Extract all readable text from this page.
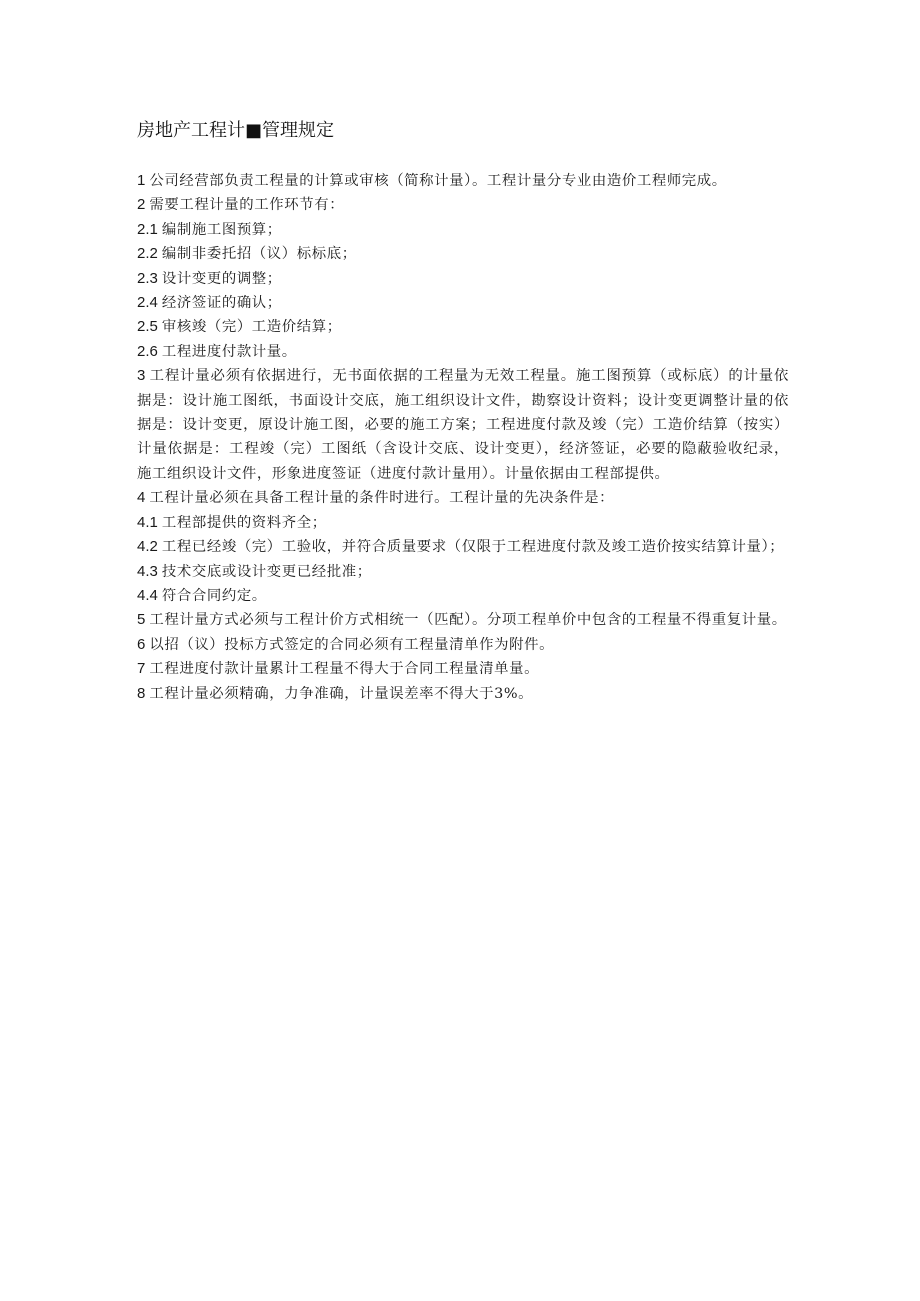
房地产工程计■管理规定

1 公司经营部负责工程量的计算或审核（简称计量）。工程计量分专业由造价工程师完成。

2 需要工程计量的工作环节有：

2.1 编制施工图预算；

2.2 编制非委托招（议）标标底；

2.3 设计变更的调整；

2.4 经济签证的确认；

2.5 审核竣（完）工造价结算；

2.6 工程进度付款计量。

3 工程计量必须有依据进行，无书面依据的工程量为无效工程量。施工图预算（或标底）的计量依据是：设计施工图纸，书面设计交底，施工组织设计文件，勘察设计资料；设计变更调整计量的依据是：设计变更，原设计施工图，必要的施工方案；工程进度付款及竣（完）工造价结算（按实）计量依据是：工程竣（完）工图纸（含设计交底、设计变更），经济签证，必要的隐蔽验收纪录，施工组织设计文件，形象进度签证（进度付款计量用）。计量依据由工程部提供。

4 工程计量必须在具备工程计量的条件时进行。工程计量的先决条件是：

4.1 工程部提供的资料齐全；

4.2 工程已经竣（完）工验收，并符合质量要求（仅限于工程进度付款及竣工造价按实结算计量）；

4.3 技术交底或设计变更已经批准；

4.4 符合合同约定。

5 工程计量方式必须与工程计价方式相统一（匹配）。分项工程单价中包含的工程量不得重复计量。

6 以招（议）投标方式签定的合同必须有工程量清单作为附件。

7 工程进度付款计量累计工程量不得大于合同工程量清单量。

8 工程计量必须精确，力争准确，计量误差率不得大于3%。
